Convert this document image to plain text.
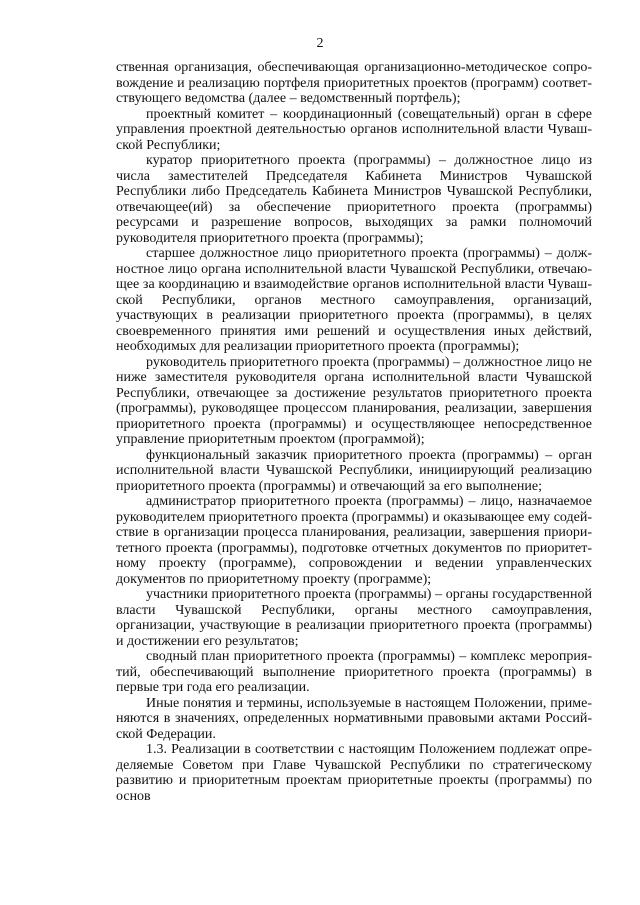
2

ственная организация, обеспечивающая организационно-методическое сопровождение и реализацию портфеля приоритетных проектов (программ) соответствующего ведомства (далее – ведомственный портфель);

проектный комитет – координационный (совещательный) орган в сфере управления проектной деятельностью органов исполнительной власти Чувашской Республики;

куратор приоритетного проекта (программы) – должностное лицо из числа заместителей Председателя Кабинета Министров Чувашской Республики либо Председатель Кабинета Министров Чувашской Республики, отвечающее(ий) за обеспечение приоритетного проекта (программы) ресурсами и разрешение вопросов, выходящих за рамки полномочий руководителя приоритетного проекта (программы);

старшее должностное лицо приоритетного проекта (программы) – должностное лицо органа исполнительной власти Чувашской Республики, отвечающее за координацию и взаимодействие органов исполнительной власти Чувашской Республики, органов местного самоуправления, организаций, участвующих в реализации приоритетного проекта (программы), в целях своевременного принятия ими решений и осуществления иных действий, необходимых для реализации приоритетного проекта (программы);

руководитель приоритетного проекта (программы) – должностное лицо не ниже заместителя руководителя органа исполнительной власти Чувашской Республики, отвечающее за достижение результатов приоритетного проекта (программы), руководящее процессом планирования, реализации, завершения приоритетного проекта (программы) и осуществляющее непосредственное управление приоритетным проектом (программой);

функциональный заказчик приоритетного проекта (программы) – орган исполнительной власти Чувашской Республики, инициирующий реализацию приоритетного проекта (программы) и отвечающий за его выполнение;

администратор приоритетного проекта (программы) – лицо, назначаемое руководителем приоритетного проекта (программы) и оказывающее ему содействие в организации процесса планирования, реализации, завершения приоритетного проекта (программы), подготовке отчетных документов по приоритетному проекту (программе), сопровождении и ведении управленческих документов по приоритетному проекту (программе);

участники приоритетного проекта (программы) – органы государственной власти Чувашской Республики, органы местного самоуправления, организации, участвующие в реализации приоритетного проекта (программы) и достижении его результатов;

сводный план приоритетного проекта (программы) – комплекс мероприятий, обеспечивающий выполнение приоритетного проекта (программы) в первые три года его реализации.

Иные понятия и термины, используемые в настоящем Положении, применяются в значениях, определенных нормативными правовыми актами Российской Федерации.

1.3. Реализации в соответствии с настоящим Положением подлежат определяемые Советом при Главе Чувашской Республики по стратегическому развитию и приоритетным проектам приоритетные проекты (программы) по основ
